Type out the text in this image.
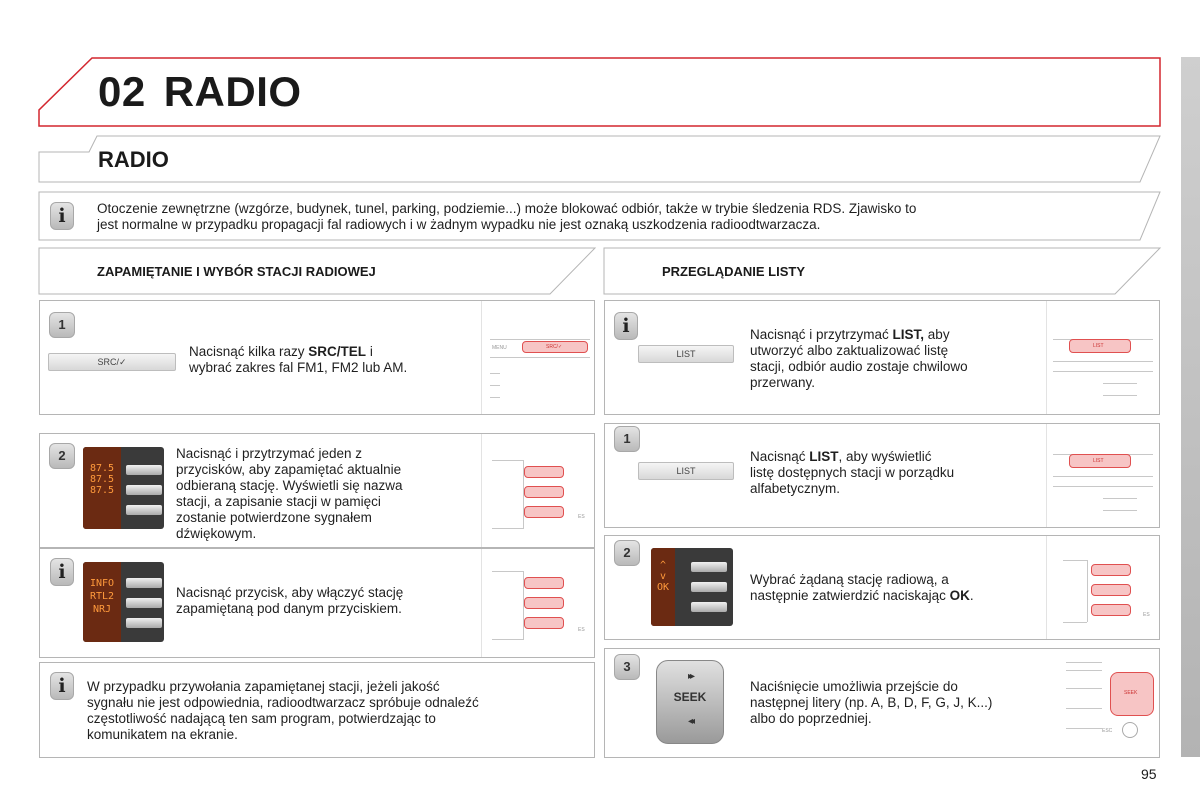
02 RADIO
RADIO
i	Otoczenie zewnętrzne (wzgórze, budynek, tunel, parking, podziemie...) może blokować odbiór, także w trybie śledzenia RDS. Zjawisko to
jest normalne w przypadku propagacji fal radiowych i w żadnym wypadku nie jest oznaką uszkodzenia radioodtwarzacza.
ZAPAMIĘTANIE I WYBÓR STACJI RADIOWEJ	PRZEGLĄDANIE LISTY
1
SRC/✓
Nacisnąć kilka razy SRC/TEL i
wybrać zakres fal FM1, FM2 lub AM.
MENU	SRC/✓
2
87.5
87.5
87.5
Nacisnąć i przytrzymać jeden z
przycisków, aby zapamiętać aktualnie
odbieraną stację. Wyświetli się nazwa
stacji, a zapisanie stacji w pamięci
zostanie potwierdzone sygnałem
dźwiękowym.
ES
i
INFO
RTL2
NRJ
Nacisnąć przycisk, aby włączyć stację
zapamiętaną pod danym przyciskiem.
ES
i	W przypadku przywołania zapamiętanej stacji, jeżeli jakość
sygnału nie jest odpowiednia, radioodtwarzacz spróbuje odnaleźć
częstotliwość nadającą ten sam program, potwierdzając to
komunikatem na ekranie.
i
LIST
Nacisnąć i przytrzymać LIST, aby
utworzyć albo zaktualizować listę
stacji, odbiór audio zostaje chwilowo
przerwany.
LIST
1
LIST
Nacisnąć LIST, aby wyświetlić
listę dostępnych stacji w porządku
alfabetycznym.
LIST
2
^
v
OK
Wybrać żądaną stację radiową, a
następnie zatwierdzić naciskając OK.
ES
3
▸▸
SEEK
◂◂
Naciśnięcie umożliwia przejście do
następnej litery (np. A, B, D, F, G, J, K...)
albo do poprzedniej.
SEEK
ESC
95
